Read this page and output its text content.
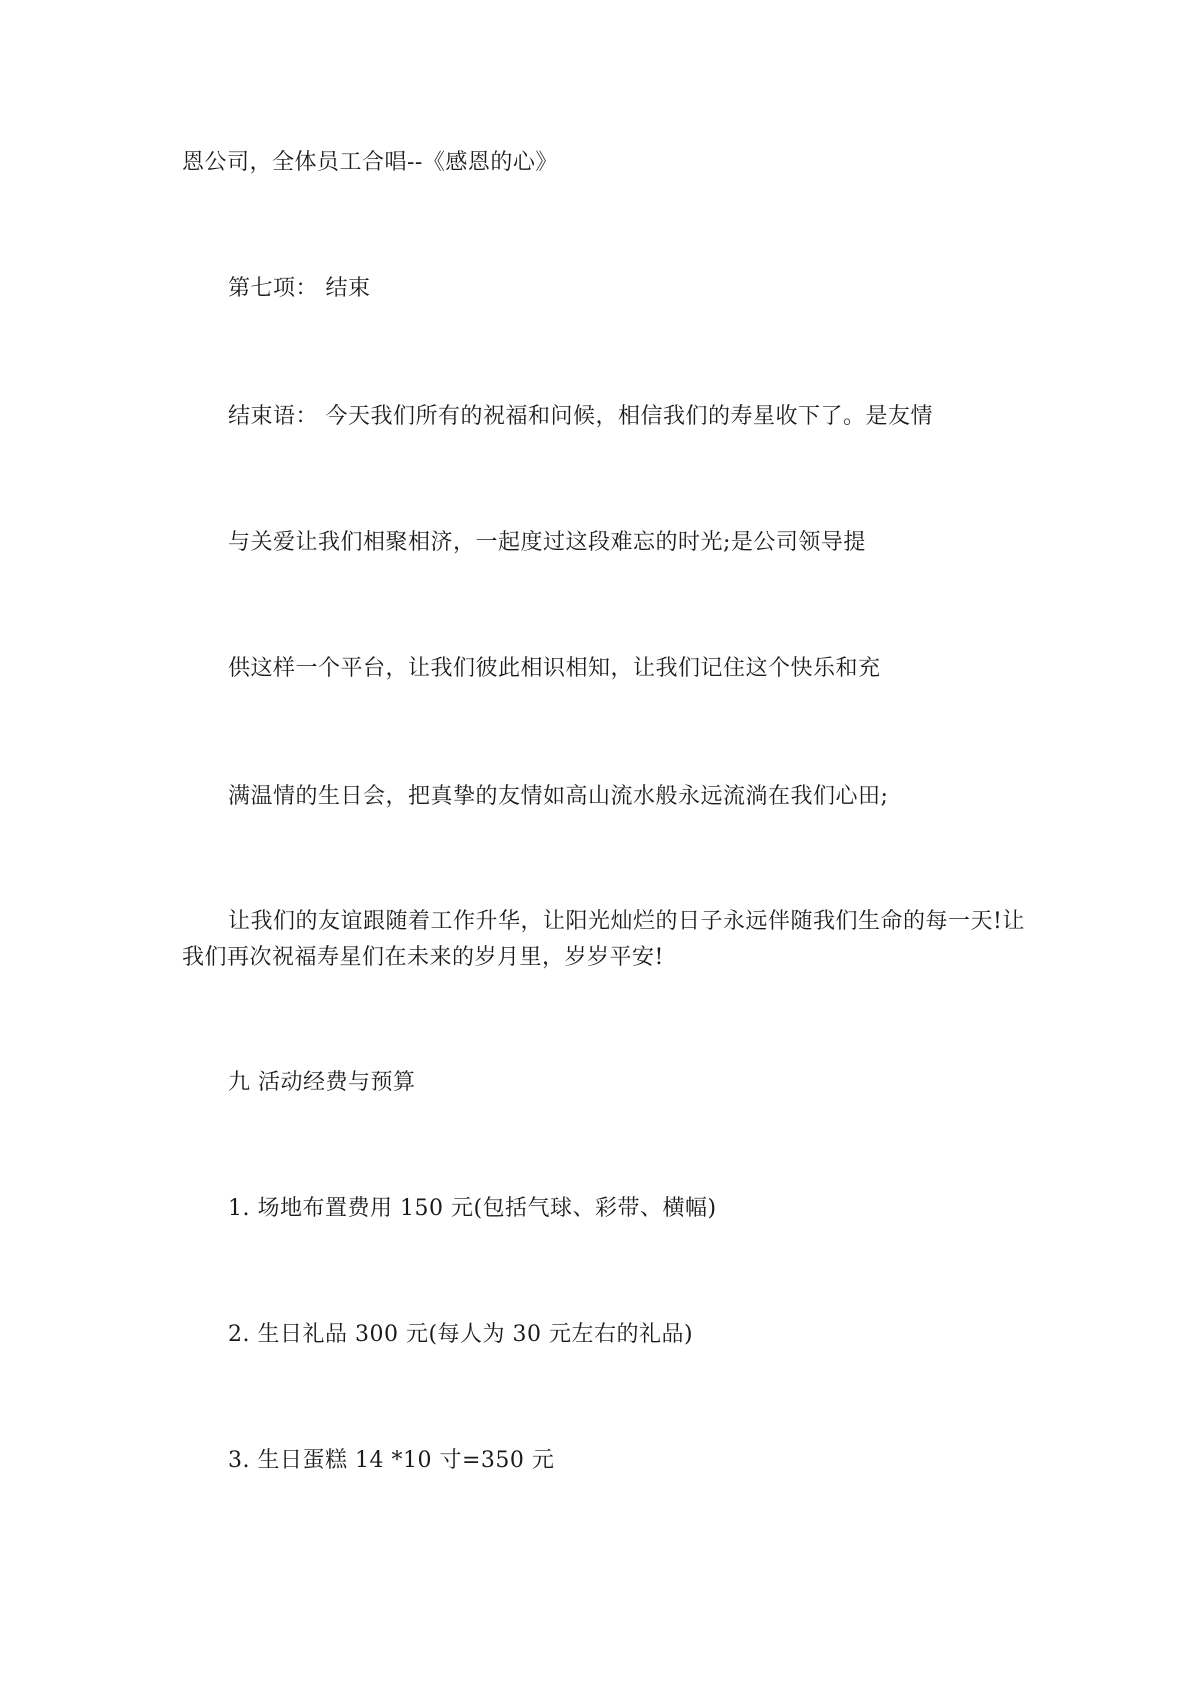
恩公司，全体员工合唱--《感恩的心》
第七项： 结束
结束语： 今天我们所有的祝福和问候，相信我们的寿星收下了。是友情
与关爱让我们相聚相济，一起度过这段难忘的时光;是公司领导提
供这样一个平台，让我们彼此相识相知，让我们记住这个快乐和充
满温情的生日会，把真挚的友情如高山流水般永远流淌在我们心田;
让我们的友谊跟随着工作升华，让阳光灿烂的日子永远伴随我们生命的每一天!让
我们再次祝福寿星们在未来的岁月里，岁岁平安!
九 活动经费与预算
1. 场地布置费用 150 元(包括气球、彩带、横幅)
2. 生日礼品 300 元(每人为 30 元左右的礼品)
3. 生日蛋糕 14 *10 寸=350 元
